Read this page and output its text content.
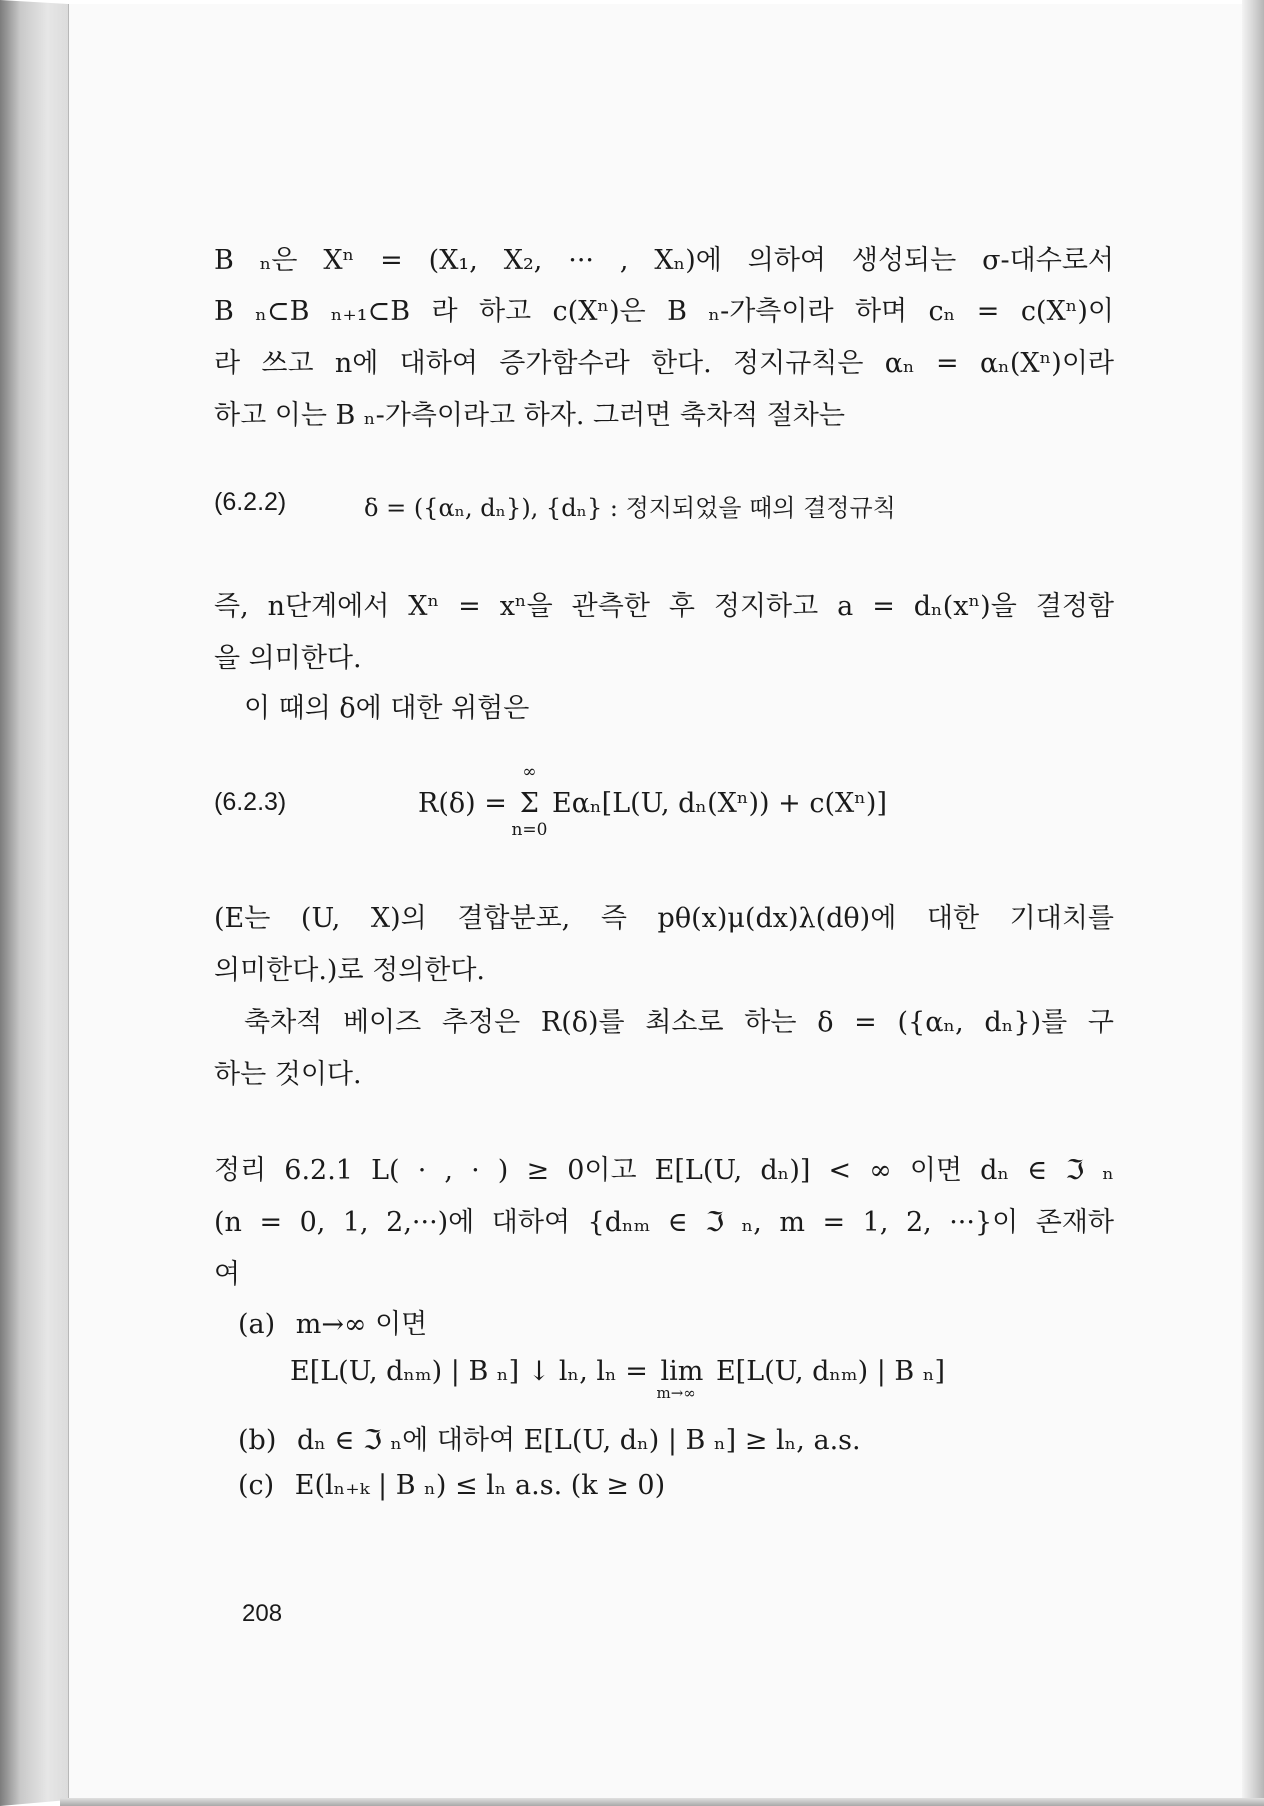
B ₙ은 Xⁿ = (X₁, X₂, ··· , Xₙ)에 의하여 생성되는 σ-대수로서
B ₙ⊂B ₙ₊₁⊂B 라 하고 c(Xⁿ)은 B ₙ-가측이라 하며 cₙ = c(Xⁿ)이
라 쓰고 n에 대하여 증가함수라 한다. 정지규칙은 αₙ = αₙ(Xⁿ)이라
하고 이는 B ₙ-가측이라고 하자. 그러면 축차적 절차는
(6.2.2)	δ = ({αₙ, dₙ}), {dₙ} : 정지되었을 때의 결정규칙
즉, n단계에서 Xⁿ = xⁿ을 관측한 후 정지하고 a = dₙ(xⁿ)을 결정함
을 의미한다.
이 때의 δ에 대한 위험은
(6.2.3)	R(δ) =
∞
Σ
n=0
Eαₙ[L(U, dₙ(Xⁿ)) + c(Xⁿ)]
(E는 (U, X)의 결합분포, 즉 pθ(x)μ(dx)λ(dθ)에 대한 기대치를
의미한다.)로 정의한다.
축차적 베이즈 추정은 R(δ)를 최소로 하는 δ = ({αₙ, dₙ})를 구
하는 것이다.
정리 6.2.1 L( · , · ) ≥ 0이고 E[L(U, dₙ)] < ∞ 이면 dₙ ∈ ℑ ₙ
(n = 0, 1, 2,···)에 대하여 {dₙₘ ∈ ℑ ₙ, m = 1, 2, ···}이 존재하
여
(a) m→∞ 이면
E[L(U, dₙₘ) | B ₙ] ↓ lₙ, lₙ = lim
m→∞
E[L(U, dₙₘ) | B ₙ]
(b) dₙ ∈ ℑ ₙ에 대하여 E[L(U, dₙ) | B ₙ] ≥ lₙ, a.s.
(c) E(lₙ₊ₖ | B ₙ) ≤ lₙ a.s. (k ≥ 0)
208
